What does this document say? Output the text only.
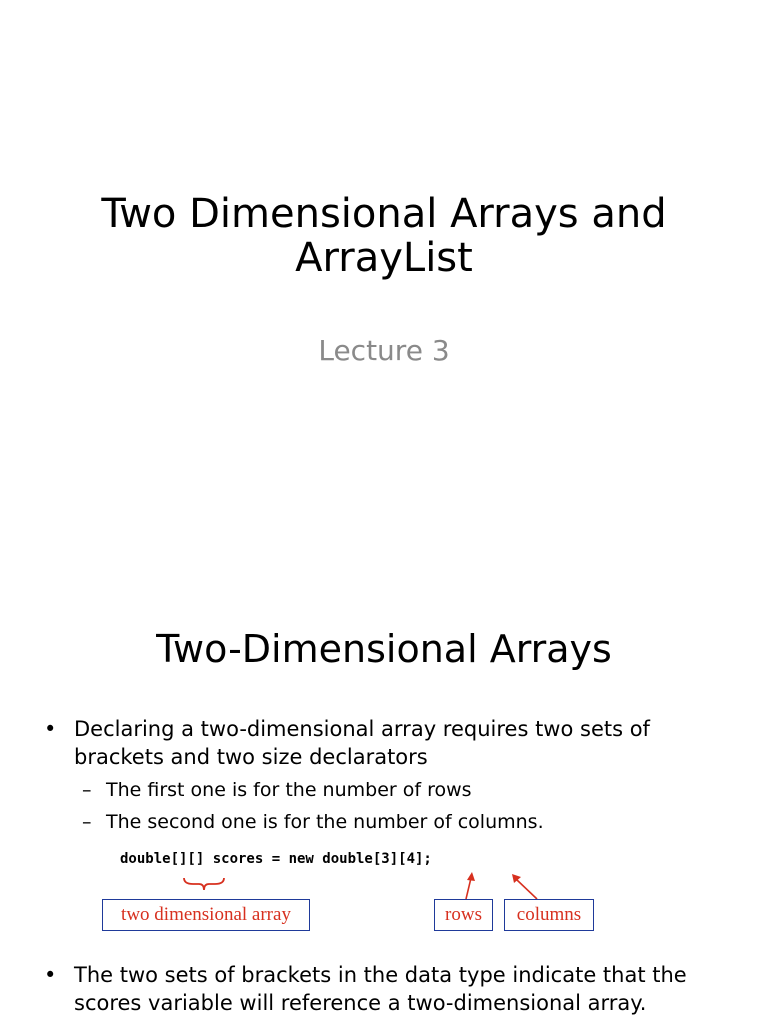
Two Dimensional Arrays and
ArrayList
Lecture 3
Two-Dimensional Arrays
• Declaring a two-dimensional array requires two sets of brackets and two size declarators
– The first one is for the number of rows
– The second one is for the number of columns.
double[][] scores = new double[3][4];
two dimensional array	rows	columns
• The two sets of brackets in the data type indicate that the scores variable will reference a two-dimensional array.
